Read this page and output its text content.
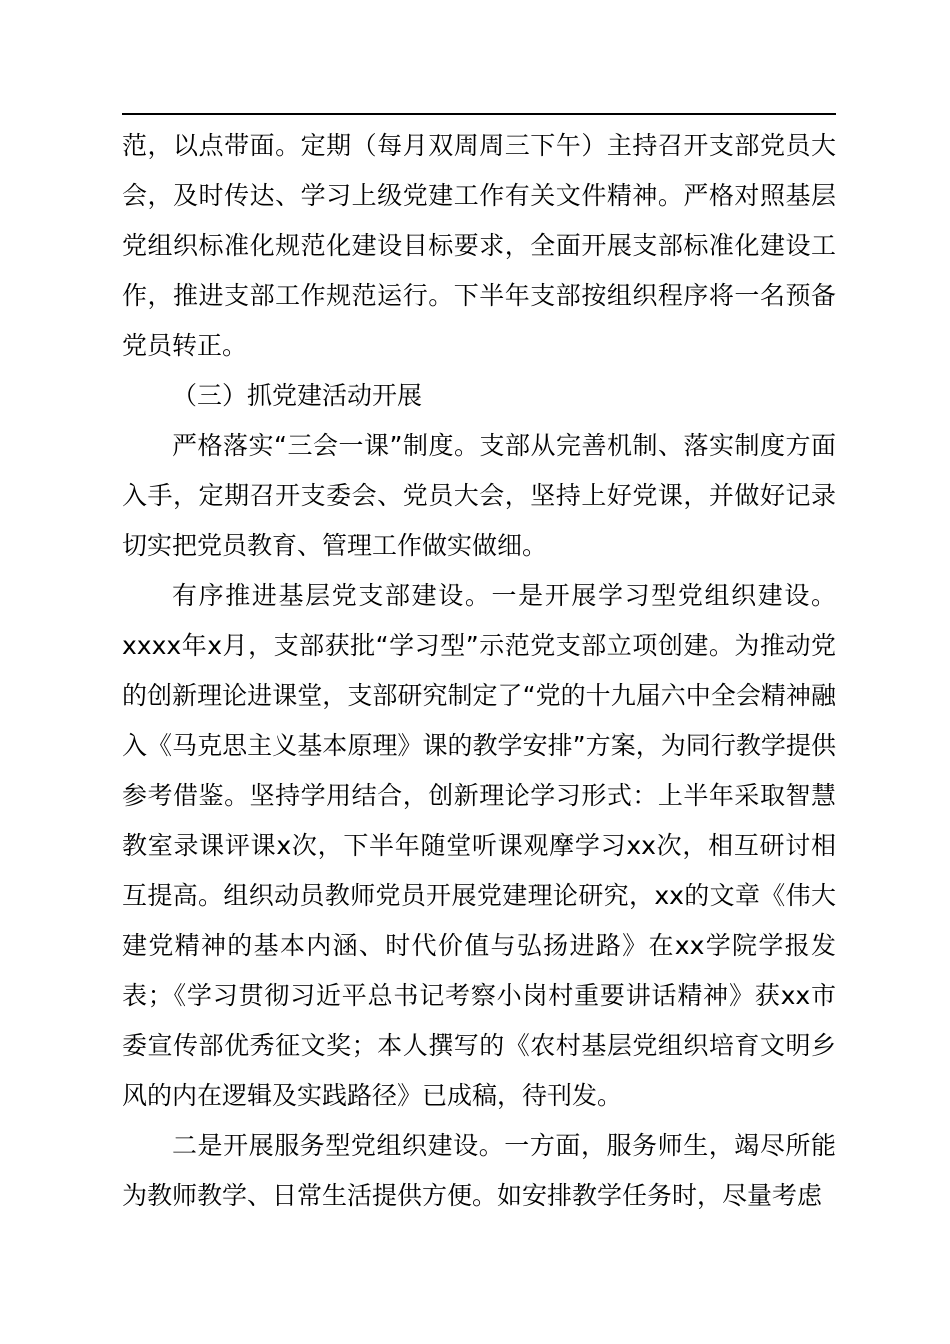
范，以点带面。定期（每月双周周三下午）主持召开支部党员大会，及时传达、学习上级党建工作有关文件精神。严格对照基层党组织标准化规范化建设目标要求，全面开展支部标准化建设工作，推进支部工作规范运行。下半年支部按组织程序将一名预备党员转正。

（三）抓党建活动开展

严格落实“三会一课”制度。支部从完善机制、落实制度方面入手，定期召开支委会、党员大会，坚持上好党课，并做好记录切实把党员教育、管理工作做实做细。

有序推进基层党支部建设。一是开展学习型党组织建设。xxxx年x月，支部获批“学习型”示范党支部立项创建。为推动党的创新理论进课堂，支部研究制定了“党的十九届六中全会精神融入《马克思主义基本原理》课的教学安排”方案，为同行教学提供参考借鉴。坚持学用结合，创新理论学习形式：上半年采取智慧教室录课评课x次，下半年随堂听课观摩学习xx次，相互研讨相互提高。组织动员教师党员开展党建理论研究，xx的文章《伟大建党精神的基本内涵、时代价值与弘扬进路》在xx学院学报发表；《学习贯彻习近平总书记考察小岗村重要讲话精神》获xx市委宣传部优秀征文奖；本人撰写的《农村基层党组织培育文明乡风的内在逻辑及实践路径》已成稿，待刊发。

二是开展服务型党组织建设。一方面，服务师生，竭尽所能为教师教学、日常生活提供方便。如安排教学任务时，尽量考虑
